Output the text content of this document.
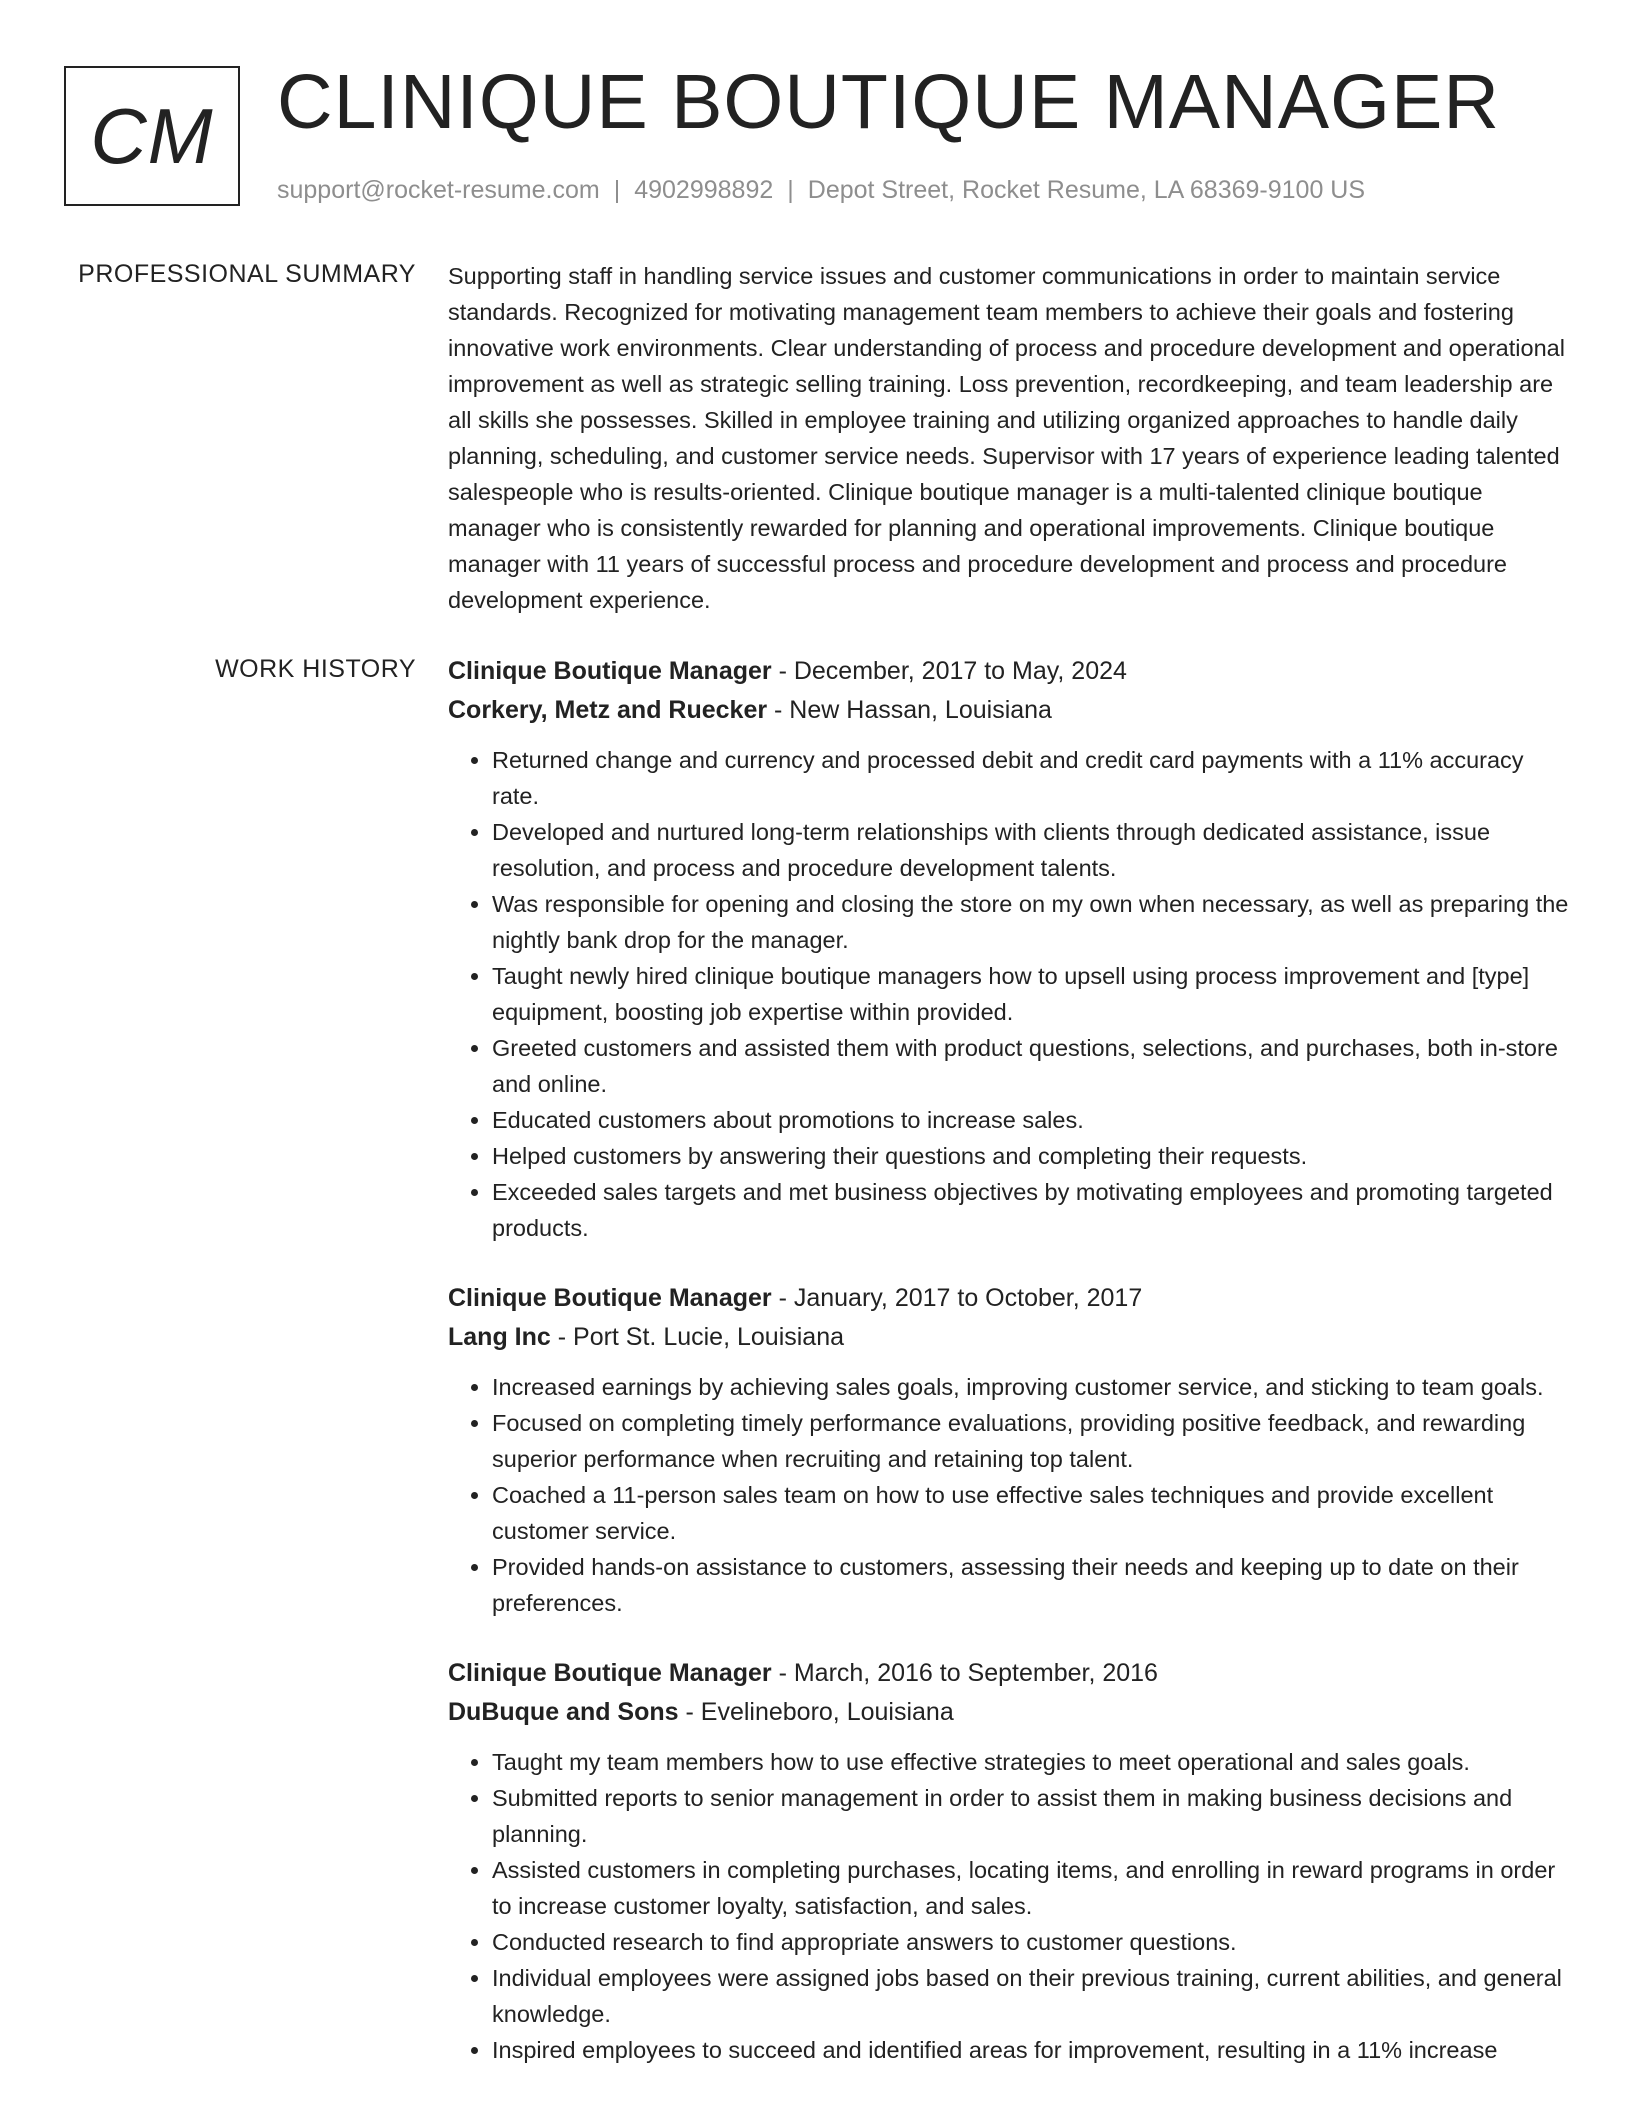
CM CLINIQUE BOUTIQUE MANAGER
support@rocket-resume.com | 4902998892 | Depot Street, Rocket Resume, LA 68369-9100 US
PROFESSIONAL SUMMARY Supporting staff in handling service issues and customer communications in order to maintain service standards. Recognized for motivating management team members to achieve their goals and fostering innovative work environments. Clear understanding of process and procedure development and operational improvement as well as strategic selling training. Loss prevention, recordkeeping, and team leadership are all skills she possesses. Skilled in employee training and utilizing organized approaches to handle daily planning, scheduling, and customer service needs. Supervisor with 17 years of experience leading talented salespeople who is results-oriented. Clinique boutique manager is a multi-talented clinique boutique manager who is consistently rewarded for planning and operational improvements. Clinique boutique manager with 11 years of successful process and procedure development and process and procedure development experience.

WORK HISTORY Clinique Boutique Manager - December, 2017 to May, 2024
Corkery, Metz and Ruecker - New Hassan, Louisiana
• Returned change and currency and processed debit and credit card payments with a 11% accuracy rate.
• Developed and nurtured long-term relationships with clients through dedicated assistance, issue resolution, and process and procedure development talents.
• Was responsible for opening and closing the store on my own when necessary, as well as preparing the nightly bank drop for the manager.
• Taught newly hired clinique boutique managers how to upsell using process improvement and [type] equipment, boosting job expertise within provided.
• Greeted customers and assisted them with product questions, selections, and purchases, both in-store and online.
• Educated customers about promotions to increase sales.
• Helped customers by answering their questions and completing their requests.
• Exceeded sales targets and met business objectives by motivating employees and promoting targeted products.
Clinique Boutique Manager - January, 2017 to October, 2017
Lang Inc - Port St. Lucie, Louisiana
• Increased earnings by achieving sales goals, improving customer service, and sticking to team goals.
• Focused on completing timely performance evaluations, providing positive feedback, and rewarding superior performance when recruiting and retaining top talent.
• Coached a 11-person sales team on how to use effective sales techniques and provide excellent customer service.
• Provided hands-on assistance to customers, assessing their needs and keeping up to date on their preferences.
Clinique Boutique Manager - March, 2016 to September, 2016
DuBuque and Sons - Evelineboro, Louisiana
• Taught my team members how to use effective strategies to meet operational and sales goals.
• Submitted reports to senior management in order to assist them in making business decisions and planning.
• Assisted customers in completing purchases, locating items, and enrolling in reward programs in order to increase customer loyalty, satisfaction, and sales.
• Conducted research to find appropriate answers to customer questions.
• Individual employees were assigned jobs based on their previous training, current abilities, and general knowledge.
• Inspired employees to succeed and identified areas for improvement, resulting in a 11% increase
